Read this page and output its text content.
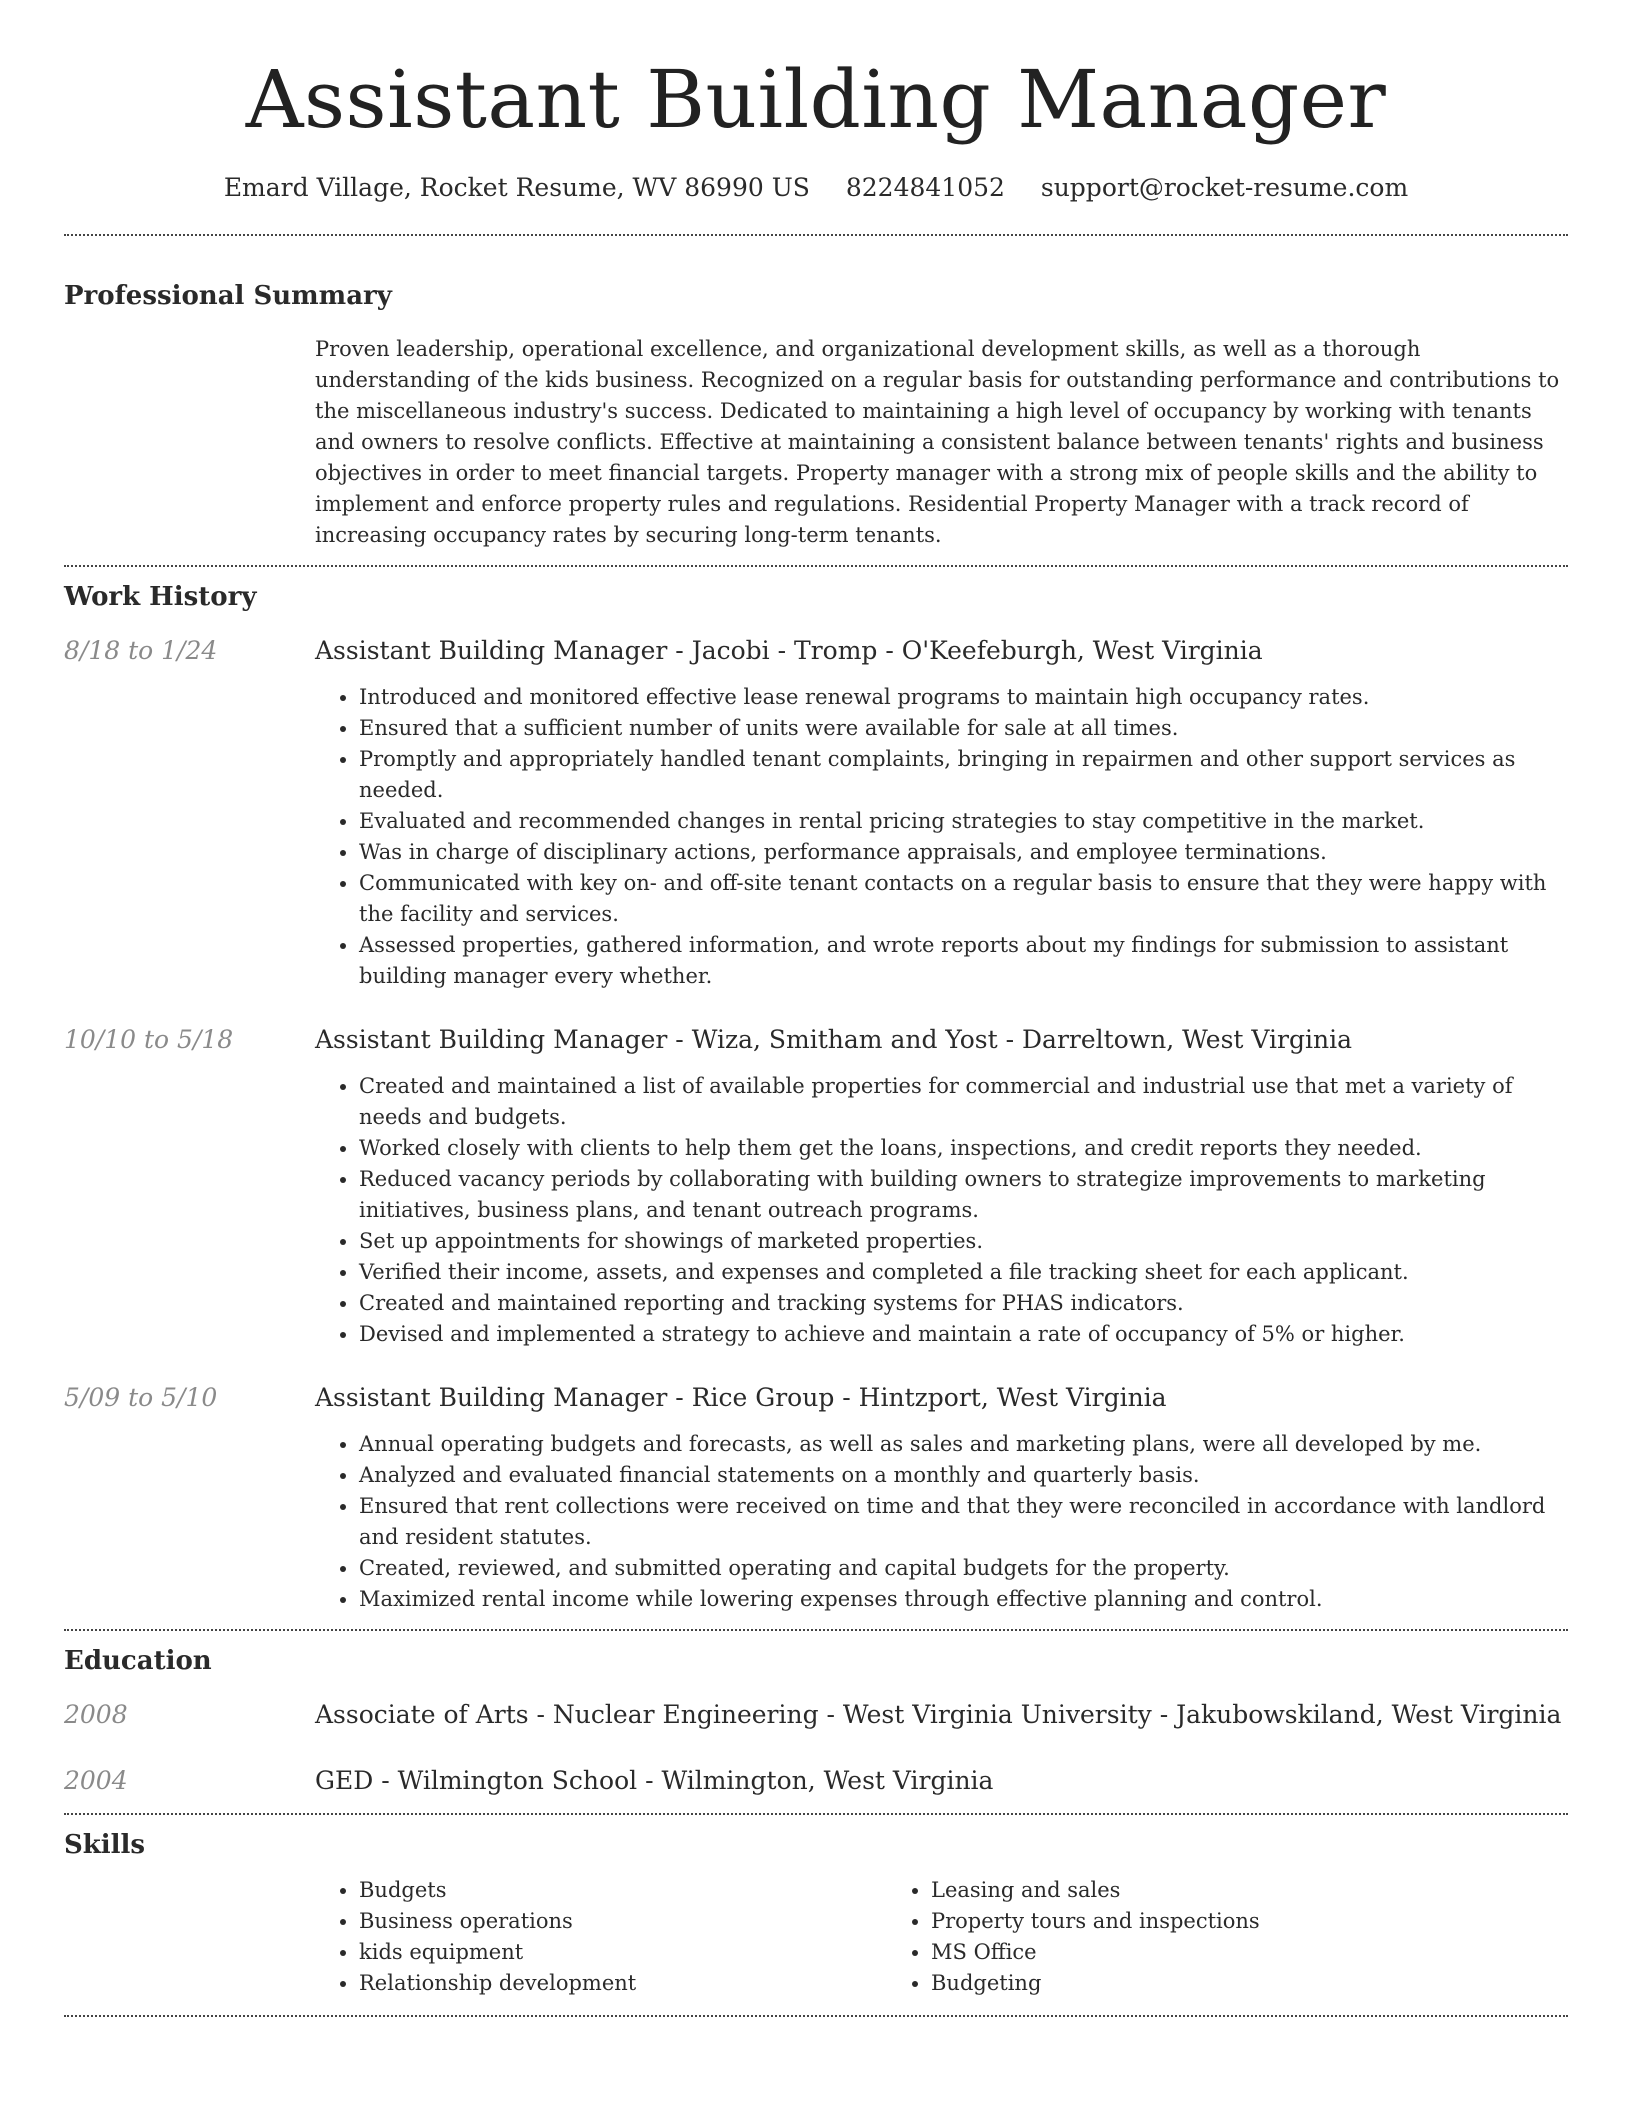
Assistant Building Manager
Emard Village, Rocket Resume, WV 86990 US 8224841052 support@rocket-resume.com
Professional Summary
Proven leadership, operational excellence, and organizational development skills, as well as a thorough understanding of the kids business. Recognized on a regular basis for outstanding performance and contributions to the miscellaneous industry's success. Dedicated to maintaining a high level of occupancy by working with tenants and owners to resolve conflicts. Effective at maintaining a consistent balance between tenants' rights and business objectives in order to meet financial targets. Property manager with a strong mix of people skills and the ability to implement and enforce property rules and regulations. Residential Property Manager with a track record of increasing occupancy rates by securing long-term tenants.
Work History
8/18 to 1/24	Assistant Building Manager - Jacobi - Tromp - O'Keefeburgh, West Virginia
• Introduced and monitored effective lease renewal programs to maintain high occupancy rates.
• Ensured that a sufficient number of units were available for sale at all times.
• Promptly and appropriately handled tenant complaints, bringing in repairmen and other support services as needed.
• Evaluated and recommended changes in rental pricing strategies to stay competitive in the market.
• Was in charge of disciplinary actions, performance appraisals, and employee terminations.
• Communicated with key on- and off-site tenant contacts on a regular basis to ensure that they were happy with the facility and services.
• Assessed properties, gathered information, and wrote reports about my findings for submission to assistant building manager every whether.
10/10 to 5/18	Assistant Building Manager - Wiza, Smitham and Yost - Darreltown, West Virginia
• Created and maintained a list of available properties for commercial and industrial use that met a variety of needs and budgets.
• Worked closely with clients to help them get the loans, inspections, and credit reports they needed.
• Reduced vacancy periods by collaborating with building owners to strategize improvements to marketing initiatives, business plans, and tenant outreach programs.
• Set up appointments for showings of marketed properties.
• Verified their income, assets, and expenses and completed a file tracking sheet for each applicant.
• Created and maintained reporting and tracking systems for PHAS indicators.
• Devised and implemented a strategy to achieve and maintain a rate of occupancy of 5% or higher.
5/09 to 5/10	Assistant Building Manager - Rice Group - Hintzport, West Virginia
• Annual operating budgets and forecasts, as well as sales and marketing plans, were all developed by me.
• Analyzed and evaluated financial statements on a monthly and quarterly basis.
• Ensured that rent collections were received on time and that they were reconciled in accordance with landlord and resident statutes.
• Created, reviewed, and submitted operating and capital budgets for the property.
• Maximized rental income while lowering expenses through effective planning and control.
Education
2008	Associate of Arts - Nuclear Engineering - West Virginia University - Jakubowskiland, West Virginia
2004	GED - Wilmington School - Wilmington, West Virginia
Skills
• Budgets
• Business operations
• kids equipment
• Relationship development
• Leasing and sales
• Property tours and inspections
• MS Office
• Budgeting
